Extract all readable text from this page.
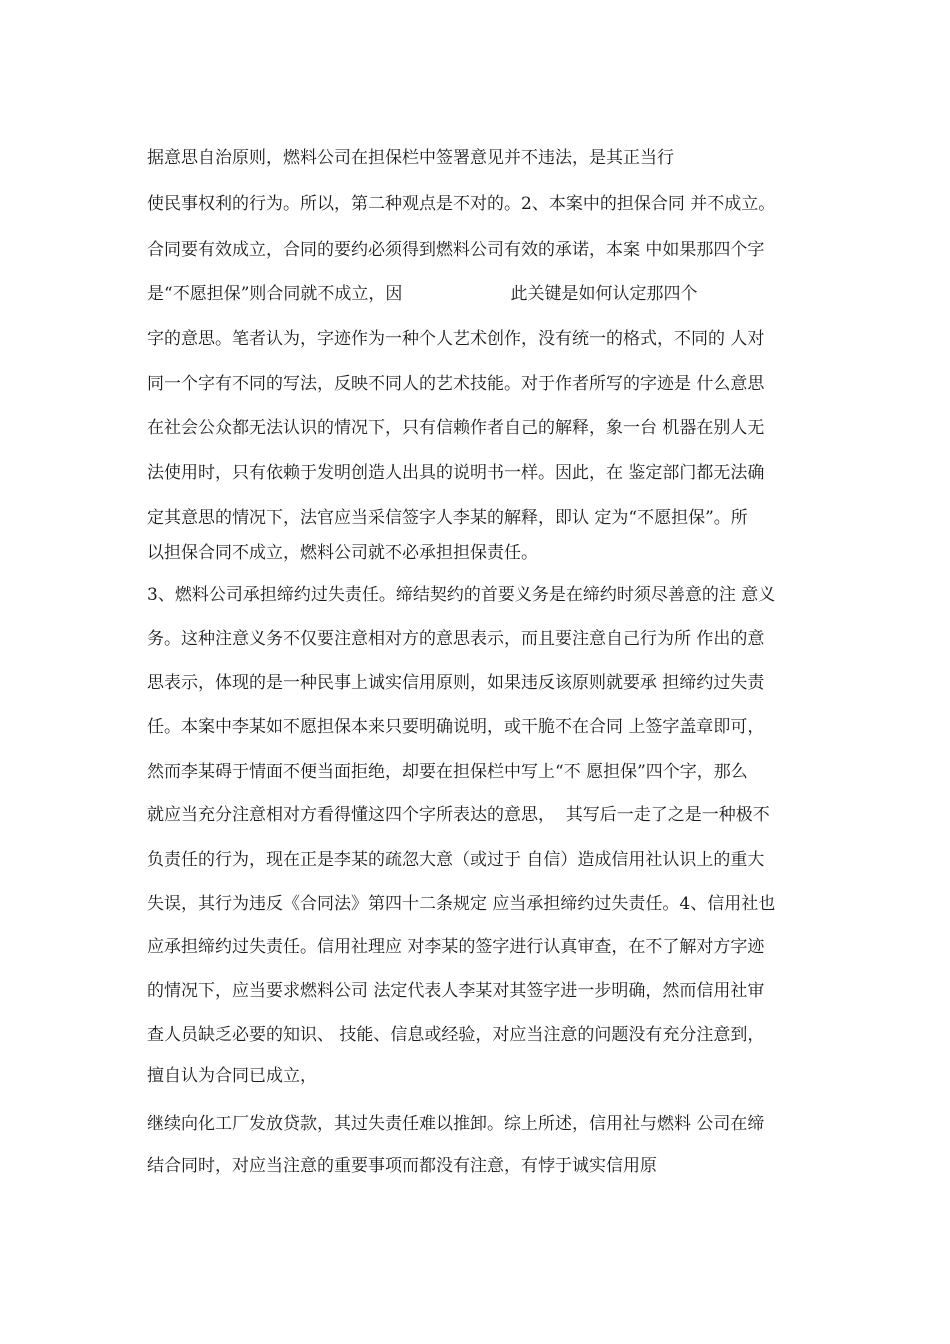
据意思自治原则，燃料公司在担保栏中签署意见并不违法，是其正当行
使民事权利的行为。所以，第二种观点是不对的。2、本案中的担保合同 并不成立。
合同要有效成立，合同的要约必须得到燃料公司有效的承诺，本案 中如果那四个字
是“不愿担保”则合同就不成立，因                    此关键是如何认定那四个
字的意思。笔者认为，字迹作为一种个人艺术创作，没有统一的格式，不同的 人对
同一个字有不同的写法，反映不同人的艺术技能。对于作者所写的字迹是 什么意思
在社会公众都无法认识的情况下，只有信赖作者自己的解释，象一台 机器在别人无
法使用时，只有依赖于发明创造人出具的说明书一样。因此，在 鉴定部门都无法确
定其意思的情况下，法官应当采信签字人李某的解释，即认 定为“不愿担保”。所
以担保合同不成立，燃料公司就不必承担担保责任。
3、燃料公司承担缔约过失责任。缔结契约的首要义务是在缔约时须尽善意的注 意义
务。这种注意义务不仅要注意相对方的意思表示，而且要注意自己行为所 作出的意
思表示，体现的是一种民事上诚实信用原则，如果违反该原则就要承 担缔约过失责
任。本案中李某如不愿担保本来只要明确说明，或干脆不在合同 上签字盖章即可，
然而李某碍于情面不便当面拒绝，却要在担保栏中写上“不 愿担保”四个字，那么
就应当充分注意相对方看得懂这四个字所表达的意思，  其写后一走了之是一种极不
负责任的行为，现在正是李某的疏忽大意（或过于 自信）造成信用社认识上的重大
失误，其行为违反《合同法》第四十二条规定 应当承担缔约过失责任。4、信用社也
应承担缔约过失责任。信用社理应 对李某的签字进行认真审查，在不了解对方字迹
的情况下，应当要求燃料公司 法定代表人李某对其签字进一步明确，然而信用社审
查人员缺乏必要的知识、 技能、信息或经验，对应当注意的问题没有充分注意到，
擅自认为合同已成立，
继续向化工厂发放贷款，其过失责任难以推卸。综上所述，信用社与燃料 公司在缔
结合同时，对应当注意的重要事项而都没有注意，有悖于诚实信用原
